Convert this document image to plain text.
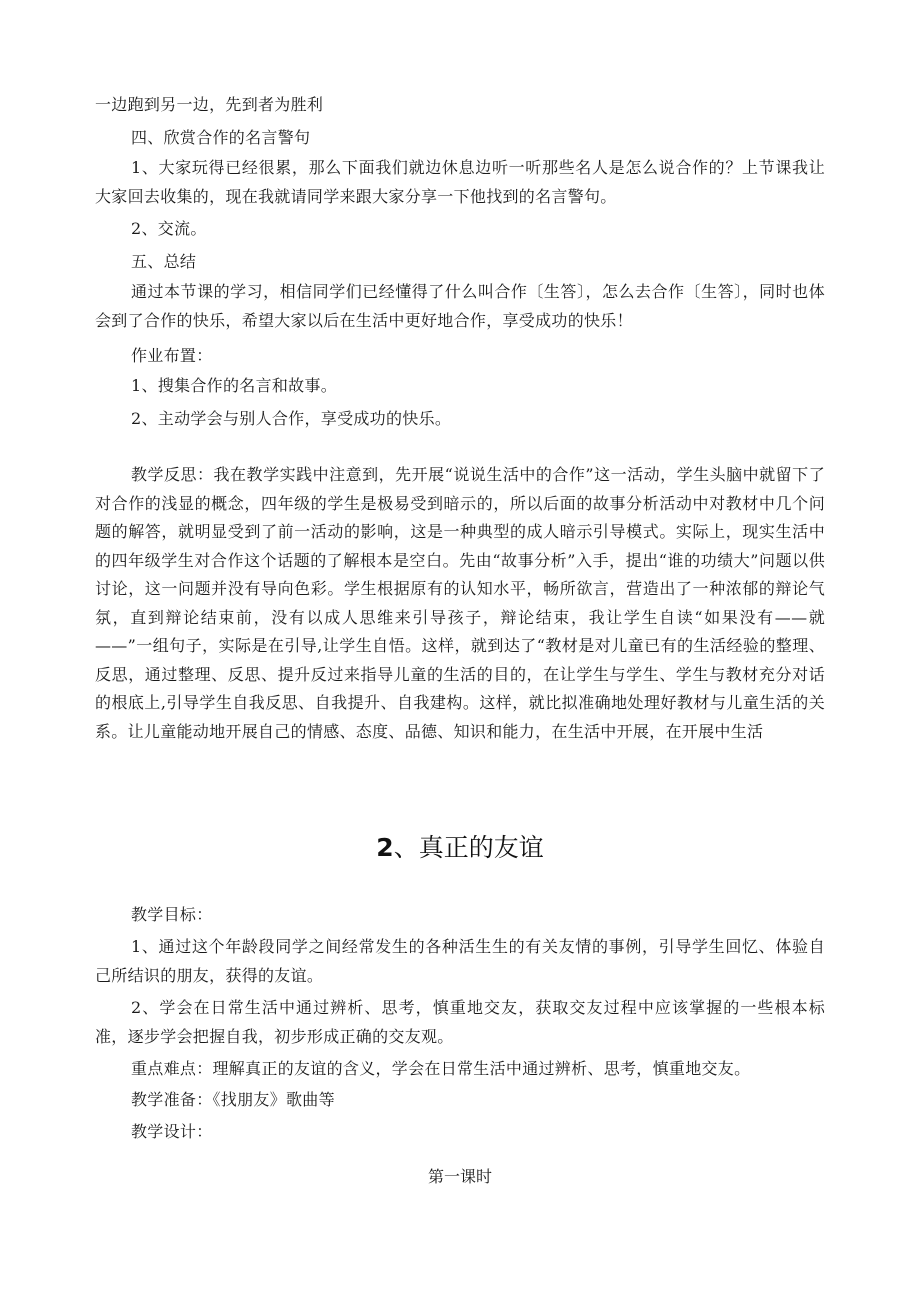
一边跑到另一边，先到者为胜利
四、欣赏合作的名言警句
1、大家玩得已经很累，那么下面我们就边休息边听一听那些名人是怎么说合作的？上节课我让大家回去收集的，现在我就请同学来跟大家分享一下他找到的名言警句。
2、交流。
五、总结
通过本节课的学习，相信同学们已经懂得了什么叫合作〔生答〕，怎么去合作〔生答〕，同时也体会到了合作的快乐，希望大家以后在生活中更好地合作，享受成功的快乐！
作业布置：
1、搜集合作的名言和故事。
2、主动学会与别人合作，享受成功的快乐。
教学反思：我在教学实践中注意到，先开展“说说生活中的合作”这一活动，学生头脑中就留下了对合作的浅显的概念，四年级的学生是极易受到暗示的，所以后面的故事分析活动中对教材中几个问题的解答，就明显受到了前一活动的影响，这是一种典型的成人暗示引导模式。实际上，现实生活中的四年级学生对合作这个话题的了解根本是空白。先由“故事分析”入手，提出“谁的功绩大”问题以供讨论，这一问题并没有导向色彩。学生根据原有的认知水平，畅所欲言，营造出了一种浓郁的辩论气氛，直到辩论结束前，没有以成人思维来引导孩子，辩论结束，我让学生自读“如果没有——就——”一组句子，实际是在引导,让学生自悟。这样，就到达了“教材是对儿童已有的生活经验的整理、反思，通过整理、反思、提升反过来指导儿童的生活的目的，在让学生与学生、学生与教材充分对话的根底上,引导学生自我反思、自我提升、自我建构。这样，就比拟准确地处理好教材与儿童生活的关系。让儿童能动地开展自己的情感、态度、品德、知识和能力，在生活中开展，在开展中生活
2、真正的友谊
教学目标：
1、通过这个年龄段同学之间经常发生的各种活生生的有关友情的事例，引导学生回忆、体验自己所结识的朋友，获得的友谊。
2、学会在日常生活中通过辨析、思考，慎重地交友，获取交友过程中应该掌握的一些根本标准，逐步学会把握自我，初步形成正确的交友观。
重点难点：理解真正的友谊的含义，学会在日常生活中通过辨析、思考，慎重地交友。
教学准备：《找朋友》歌曲等
教学设计：
第一课时
